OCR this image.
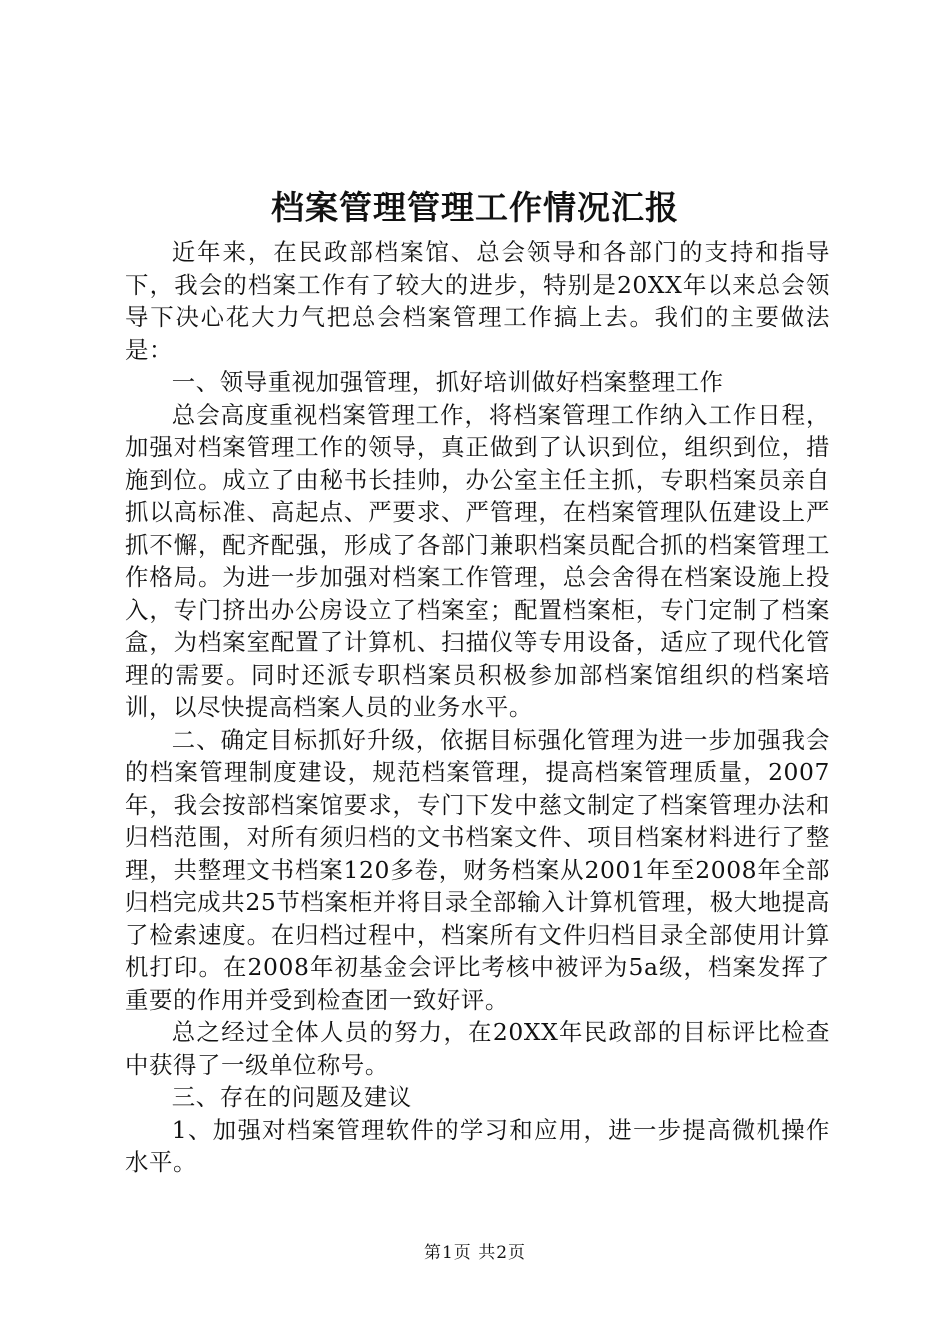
档案管理管理工作情况汇报

近年来，在民政部档案馆、总会领导和各部门的支持和指导下，我会的档案工作有了较大的进步，特别是20XX年以来总会领导下决心花大力气把总会档案管理工作搞上去。我们的主要做法是：

一、领导重视加强管理，抓好培训做好档案整理工作

总会高度重视档案管理工作，将档案管理工作纳入工作日程，加强对档案管理工作的领导，真正做到了认识到位，组织到位，措施到位。成立了由秘书长挂帅，办公室主任主抓，专职档案员亲自抓以高标准、高起点、严要求、严管理，在档案管理队伍建设上严抓不懈，配齐配强，形成了各部门兼职档案员配合抓的档案管理工作格局。为进一步加强对档案工作管理，总会舍得在档案设施上投入，专门挤出办公房设立了档案室；配置档案柜，专门定制了档案盒，为档案室配置了计算机、扫描仪等专用设备，适应了现代化管理的需要。同时还派专职档案员积极参加部档案馆组织的档案培训，以尽快提高档案人员的业务水平。

二、确定目标抓好升级，依据目标强化管理为进一步加强我会的档案管理制度建设，规范档案管理，提高档案管理质量，2007年，我会按部档案馆要求，专门下发中慈文制定了档案管理办法和归档范围，对所有须归档的文书档案文件、项目档案材料进行了整理，共整理文书档案120多卷，财务档案从2001年至2008年全部归档完成共25节档案柜并将目录全部输入计算机管理，极大地提高了检索速度。在归档过程中，档案所有文件归档目录全部使用计算机打印。在2008年初基金会评比考核中被评为5a级，档案发挥了重要的作用并受到检查团一致好评。

总之经过全体人员的努力，在20XX年民政部的目标评比检查中获得了一级单位称号。

三、存在的问题及建议

1、加强对档案管理软件的学习和应用，进一步提高微机操作水平。

第1页 共2页
